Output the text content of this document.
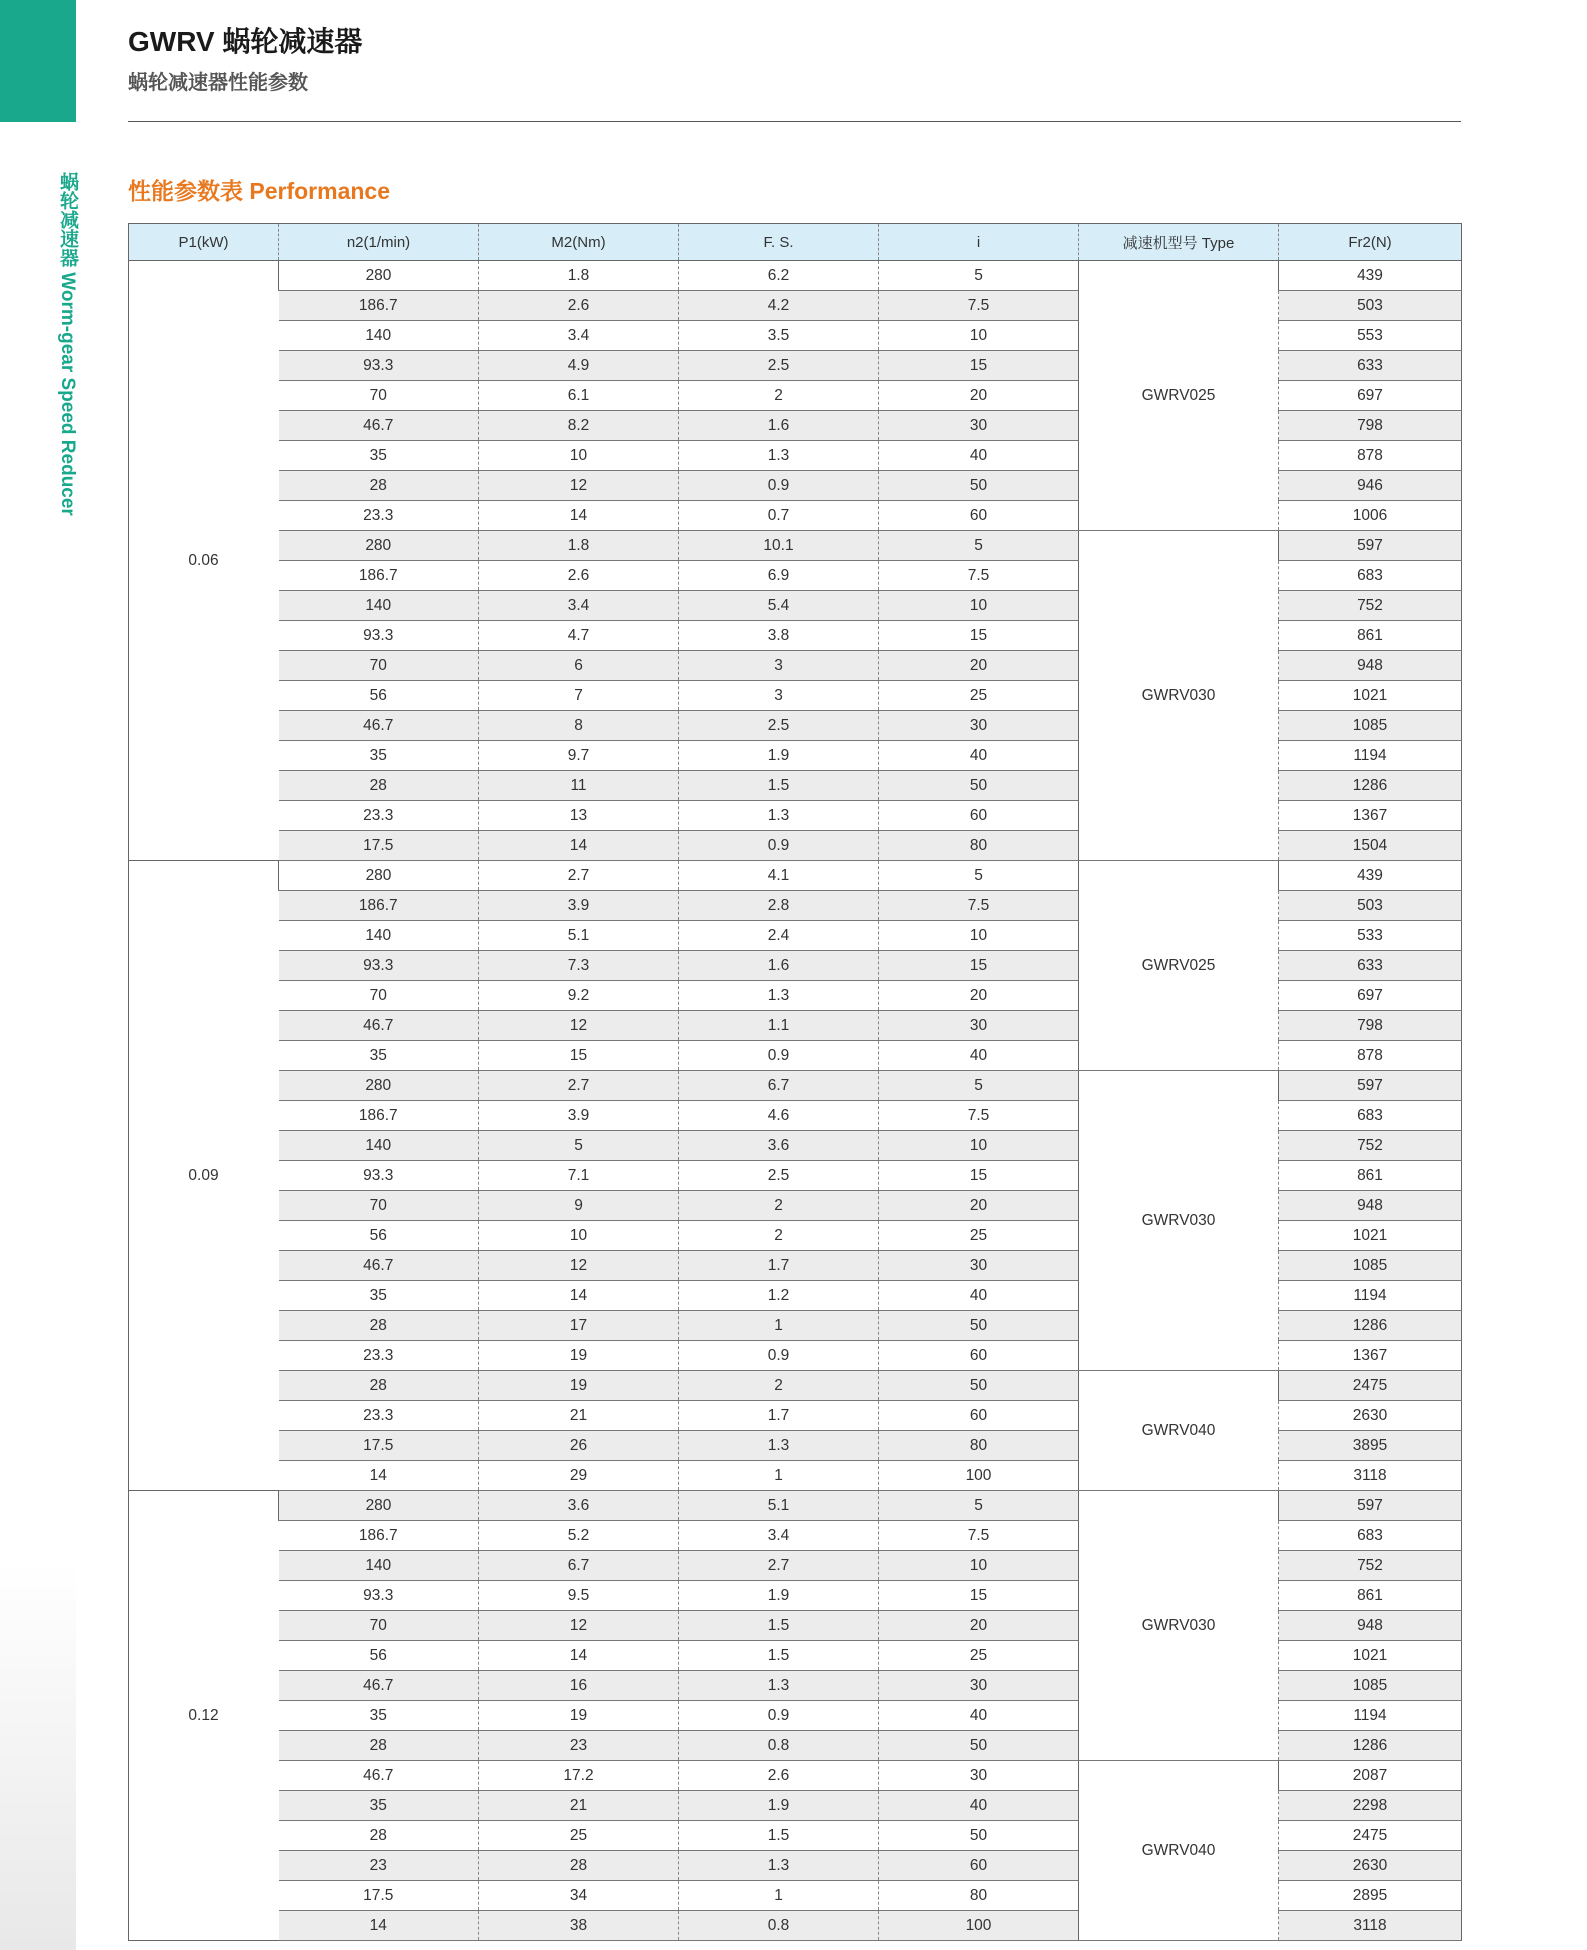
蜗轮减速器 Worm-gear Speed Reducer
GWRV 蜗轮减速器
蜗轮减速器性能参数
性能参数表 Performance
P1(kW)	n2(1/min)	M2(Nm)	F. S.	i	减速机型号 Type	Fr2(N)
0.06	280	1.8	6.2	5	GWRV025	439
	186.7	2.6	4.2	7.5		503
	140	3.4	3.5	10		553
	93.3	4.9	2.5	15		633
	70	6.1	2	20		697
	46.7	8.2	1.6	30		798
	35	10	1.3	40		878
	28	12	0.9	50		946
	23.3	14	0.7	60		1006
	280	1.8	10.1	5	GWRV030	597
	186.7	2.6	6.9	7.5		683
	140	3.4	5.4	10		752
	93.3	4.7	3.8	15		861
	70	6	3	20		948
	56	7	3	25		1021
	46.7	8	2.5	30		1085
	35	9.7	1.9	40		1194
	28	11	1.5	50		1286
	23.3	13	1.3	60		1367
	17.5	14	0.9	80		1504
0.09	280	2.7	4.1	5	GWRV025	439
	186.7	3.9	2.8	7.5		503
	140	5.1	2.4	10		533
	93.3	7.3	1.6	15		633
	70	9.2	1.3	20		697
	46.7	12	1.1	30		798
	35	15	0.9	40		878
	280	2.7	6.7	5	GWRV030	597
	186.7	3.9	4.6	7.5		683
	140	5	3.6	10		752
	93.3	7.1	2.5	15		861
	70	9	2	20		948
	56	10	2	25		1021
	46.7	12	1.7	30		1085
	35	14	1.2	40		1194
	28	17	1	50		1286
	23.3	19	0.9	60		1367
	28	19	2	50	GWRV040	2475
	23.3	21	1.7	60		2630
	17.5	26	1.3	80		3895
	14	29	1	100		3118
0.12	280	3.6	5.1	5	GWRV030	597
	186.7	5.2	3.4	7.5		683
	140	6.7	2.7	10		752
	93.3	9.5	1.9	15		861
	70	12	1.5	20		948
	56	14	1.5	25		1021
	46.7	16	1.3	30		1085
	35	19	0.9	40		1194
	28	23	0.8	50		1286
	46.7	17.2	2.6	30	GWRV040	2087
	35	21	1.9	40		2298
	28	25	1.5	50		2475
	23	28	1.3	60		2630
	17.5	34	1	80		2895
	14	38	0.8	100		3118
